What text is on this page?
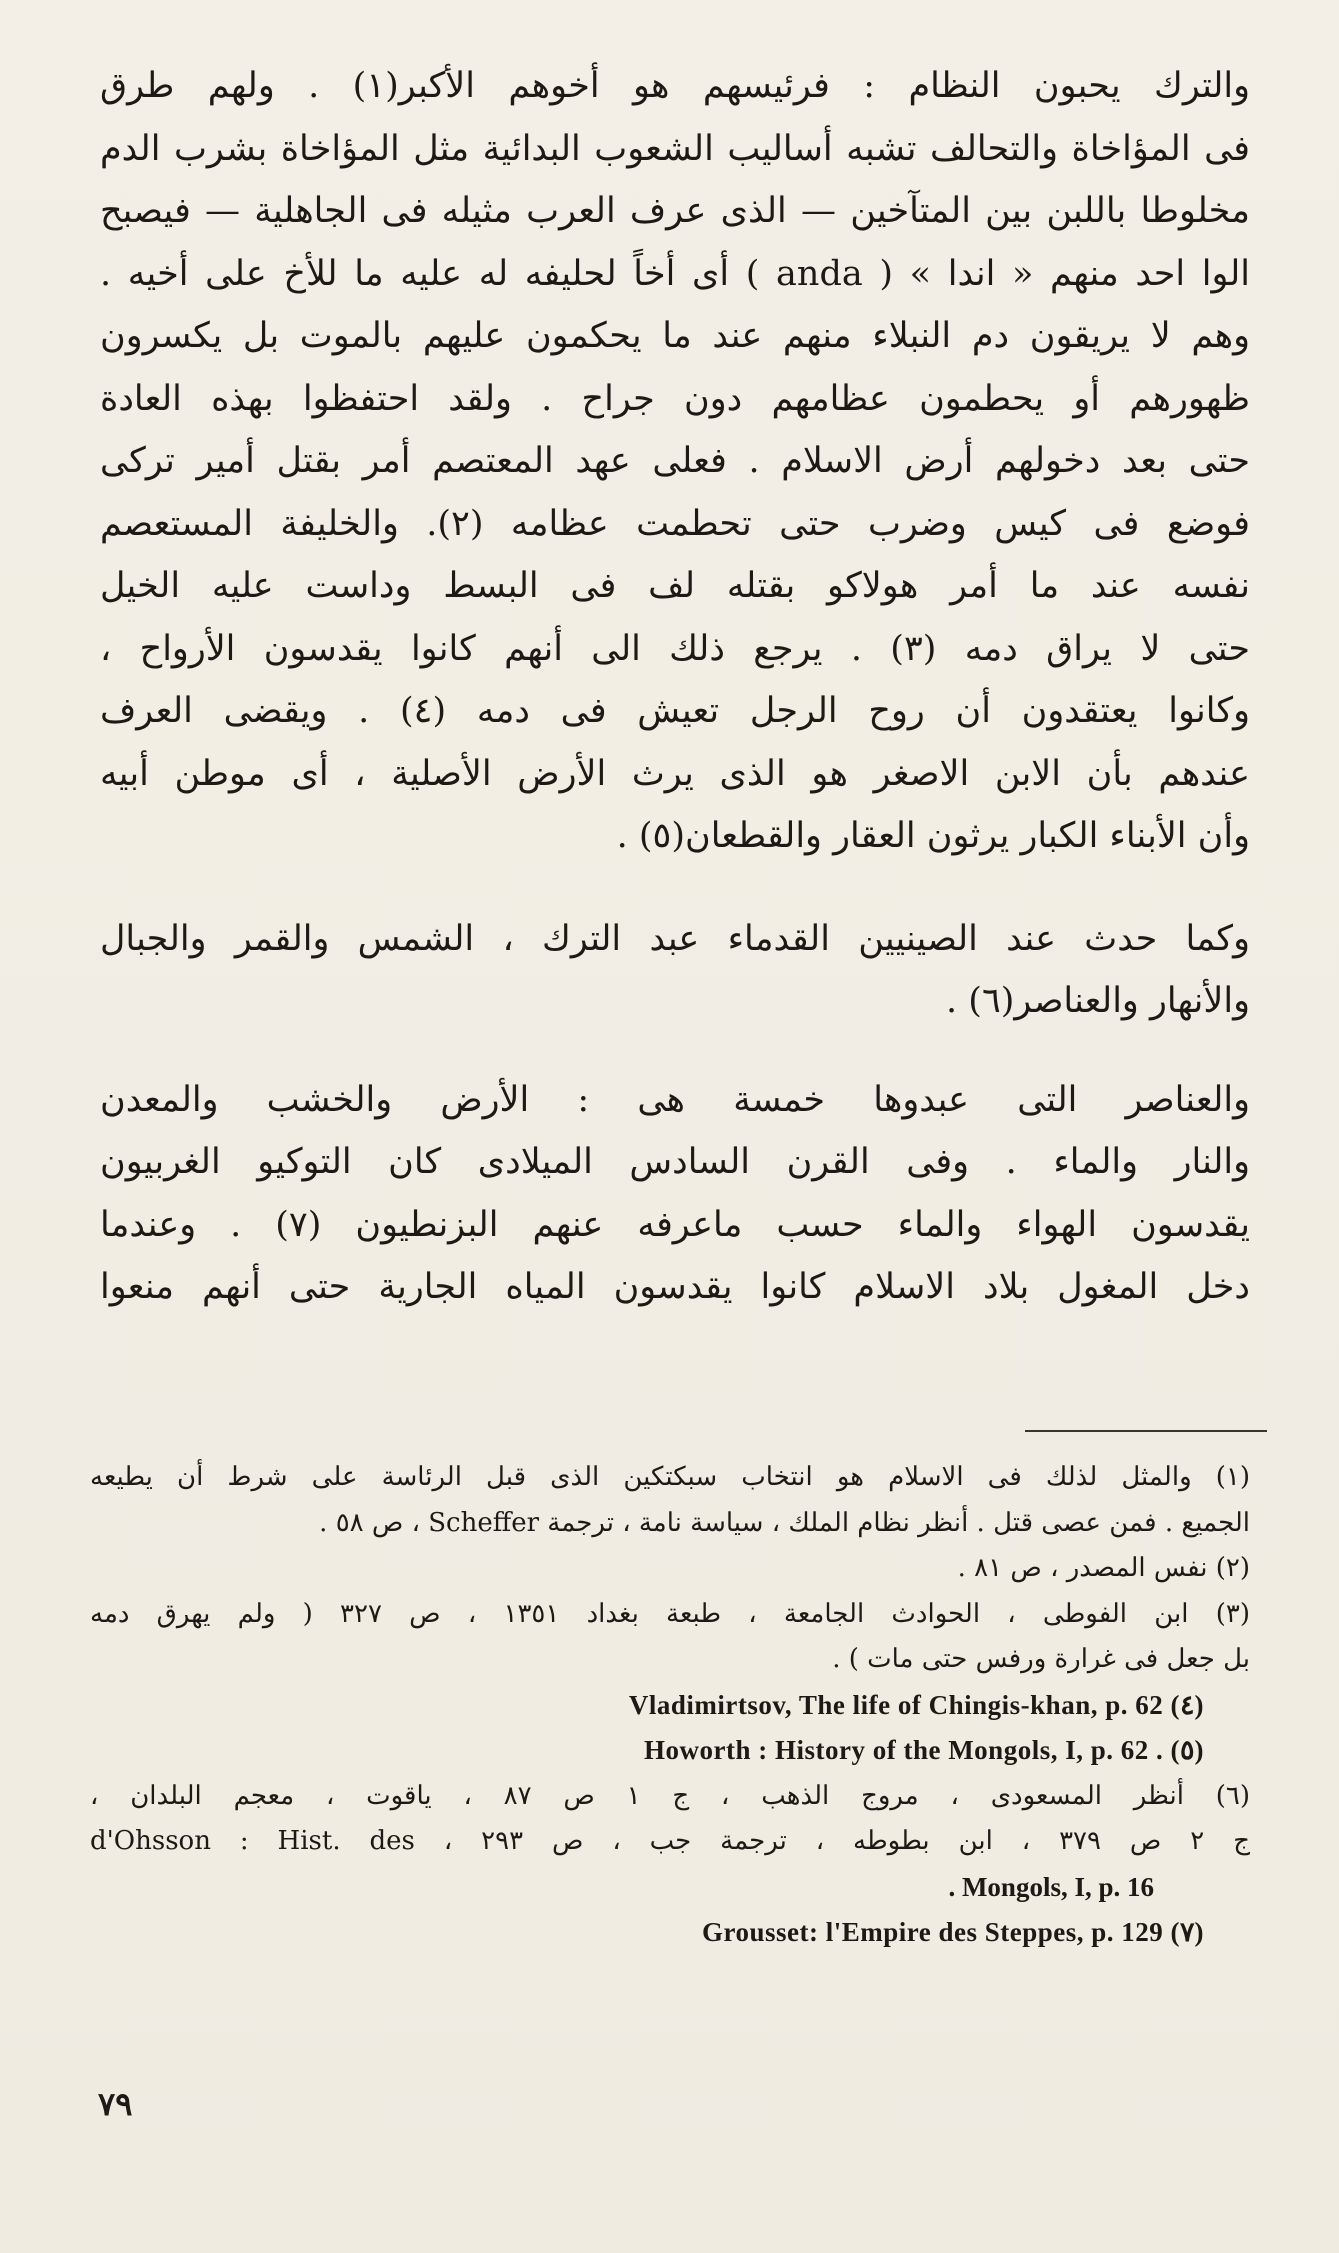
والترك يحبون النظام : فرئيسهم هو أخوهم الأكبر(١) . ولهم طرق

فى المؤاخاة والتحالف تشبه أساليب الشعوب البدائية مثل المؤاخاة بشرب الدم

مخلوطا باللبن بين المتآخين — الذى عرف العرب مثيله فى الجاهلية — فيصبح

الوا احد منهم « اندا » ( anda ) أى أخاً لحليفه له عليه ما للأخ على أخيه .

وهم لا يريقون دم النبلاء منهم عند ما يحكمون عليهم بالموت بل يكسرون

ظهورهم أو يحطمون عظامهم دون جراح . ولقد احتفظوا بهذه العادة

حتى بعد دخولهم أرض الاسلام . فعلى عهد المعتصم أمر بقتل أمير تركى

فوضع فى كيس وضرب حتى تحطمت عظامه (٢). والخليفة المستعصم

نفسه عند ما أمر هولاكو بقتله لف فى البسط وداست عليه الخيل

حتى لا يراق دمه (٣) . يرجع ذلك الى أنهم كانوا يقدسون الأرواح ،

وكانوا يعتقدون أن روح الرجل تعيش فى دمه (٤) . ويقضى العرف

عندهم بأن الابن الاصغر هو الذى يرث الأرض الأصلية ، أى موطن أبيه

وأن الأبناء الكبار يرثون العقار والقطعان(٥) .

وكما حدث عند الصينيين القدماء عبد الترك ، الشمس والقمر والجبال

والأنهار والعناصر(٦) .

والعناصر التى عبدوها خمسة هى : الأرض والخشب والمعدن

والنار والماء . وفى القرن السادس الميلادى كان التوكيو الغربيون

يقدسون الهواء والماء حسب ماعرفه عنهم البزنطيون (٧) . وعندما

دخل المغول بلاد الاسلام كانوا يقدسون المياه الجارية حتى أنهم منعوا

(١) والمثل لذلك فى الاسلام هو انتخاب سبكتكين الذى قبل الرئاسة على شرط أن يطيعه

الجميع . فمن عصى قتل . أنظر نظام الملك ، سياسة نامة ، ترجمة Scheffer ، ص ٥٨ .

(٢) نفس المصدر ، ص ٨١ .

(٣) ابن الفوطى ، الحوادث الجامعة ، طبعة بغداد ١٣٥١ ، ص ٣٢٧ ( ولم يهرق دمه

بل جعل فى غرارة ورفس حتى مات ) .

Vladimirtsov, The life of Chingis-khan, p. 62 (٤)

Howorth : History of the Mongols, I, p. 62 . (٥)

(٦) أنظر المسعودى ، مروج الذهب ، ج ١ ص ٨٧ ، ياقوت ، معجم البلدان ،

ج ٢ ص ٣٧٩ ، ابن بطوطه ، ترجمة جب ، ص ٢٩٣ ، d'Ohsson : Hist. des

. Mongols, I, p. 16

Grousset: l'Empire des Steppes, p. 129 (٧)

٧٩
